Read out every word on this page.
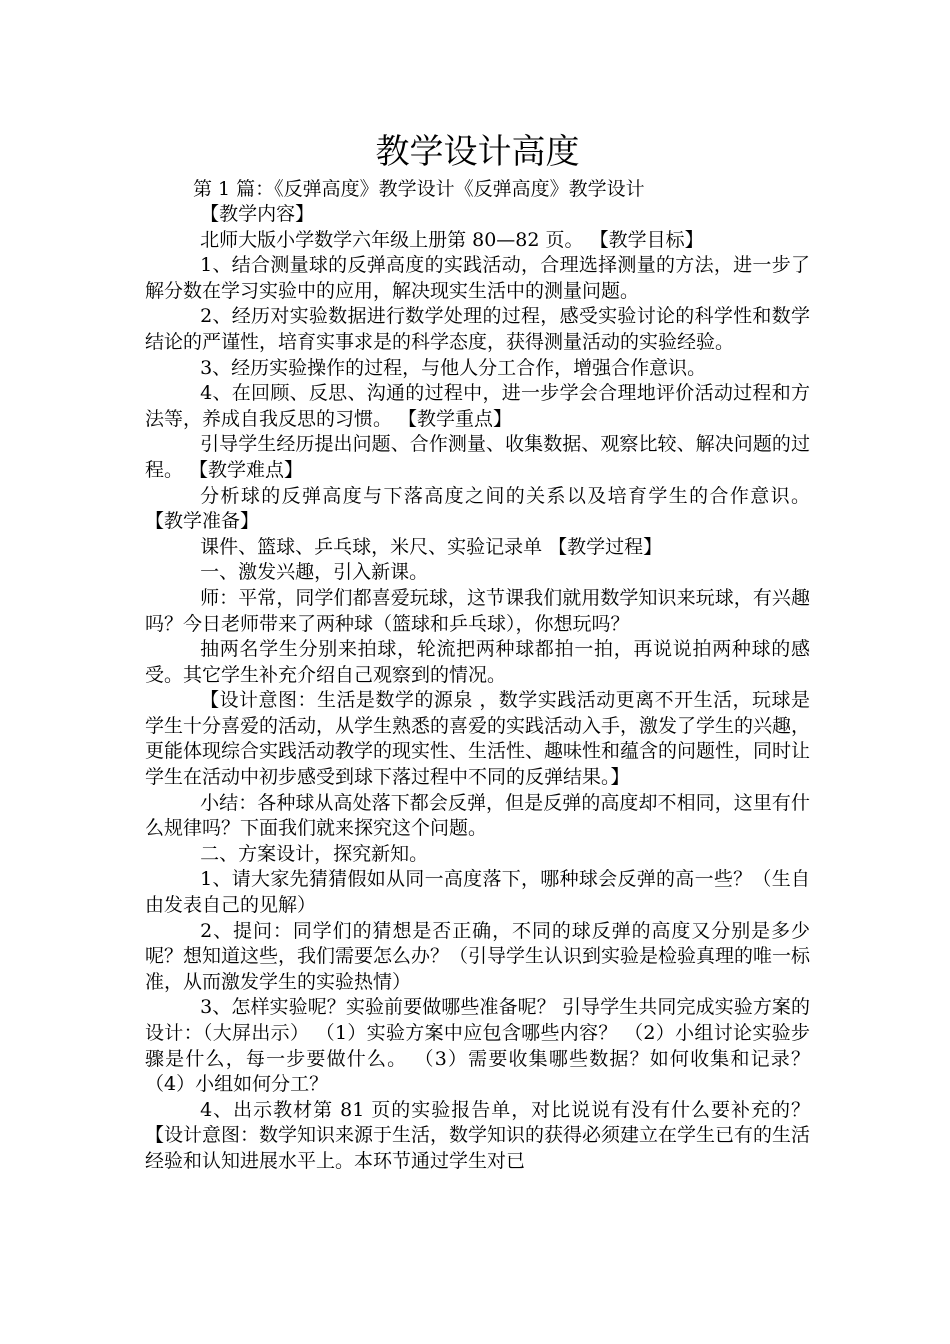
教学设计高度
第 1 篇：《反弹高度》教学设计《反弹高度》教学设计

【教学内容】

北师大版小学数学六年级上册第 80—82 页。 【教学目标】

1、结合测量球的反弹高度的实践活动，合理选择测量的方法，进一步了解分数在学习实验中的应用，解决现实生活中的测量问题。

2、经历对实验数据进行数学处理的过程，感受实验讨论的科学性和数学结论的严谨性，培育实事求是的科学态度，获得测量活动的实验经验。

3、经历实验操作的过程，与他人分工合作，增强合作意识。

4、在回顾、反思、沟通的过程中，进一步学会合理地评价活动过程和方法等，养成自我反思的习惯。 【教学重点】

引导学生经历提出问题、合作测量、收集数据、观察比较、解决问题的过程。 【教学难点】

分析球的反弹高度与下落高度之间的关系以及培育学生的合作意识。 【教学准备】

课件、篮球、乒乓球，米尺、实验记录单 【教学过程】

一、激发兴趣，引入新课。

师：平常，同学们都喜爱玩球，这节课我们就用数学知识来玩球，有兴趣吗？今日老师带来了两种球（篮球和乒乓球），你想玩吗？

抽两名学生分别来拍球，轮流把两种球都拍一拍，再说说拍两种球的感受。其它学生补充介绍自己观察到的情况。

【设计意图：生活是数学的源泉 ，数学实践活动更离不开生活，玩球是学生十分喜爱的活动，从学生熟悉的喜爱的实践活动入手，激发了学生的兴趣，更能体现综合实践活动教学的现实性、生活性、趣味性和蕴含的问题性，同时让学生在活动中初步感受到球下落过程中不同的反弹结果。】

小结：各种球从高处落下都会反弹，但是反弹的高度却不相同，这里有什么规律吗？下面我们就来探究这个问题。

二、方案设计，探究新知。

1、请大家先猜猜假如从同一高度落下，哪种球会反弹的高一些？（生自由发表自己的见解）

2、提问：同学们的猜想是否正确，不同的球反弹的高度又分别是多少呢？想知道这些，我们需要怎么办？（引导学生认识到实验是检验真理的唯一标准，从而激发学生的实验热情）

3、怎样实验呢？实验前要做哪些准备呢？ 引导学生共同完成实验方案的设计：（大屏出示） （1）实验方案中应包含哪些内容？ （2）小组讨论实验步骤是什么，每一步要做什么。 （3）需要收集哪些数据？如何收集和记录？ （4）小组如何分工？

4、出示教材第 81 页的实验报告单，对比说说有没有什么要补充的？ 【设计意图：数学知识来源于生活，数学知识的获得必须建立在学生已有的生活经验和认知进展水平上。本环节通过学生对已
